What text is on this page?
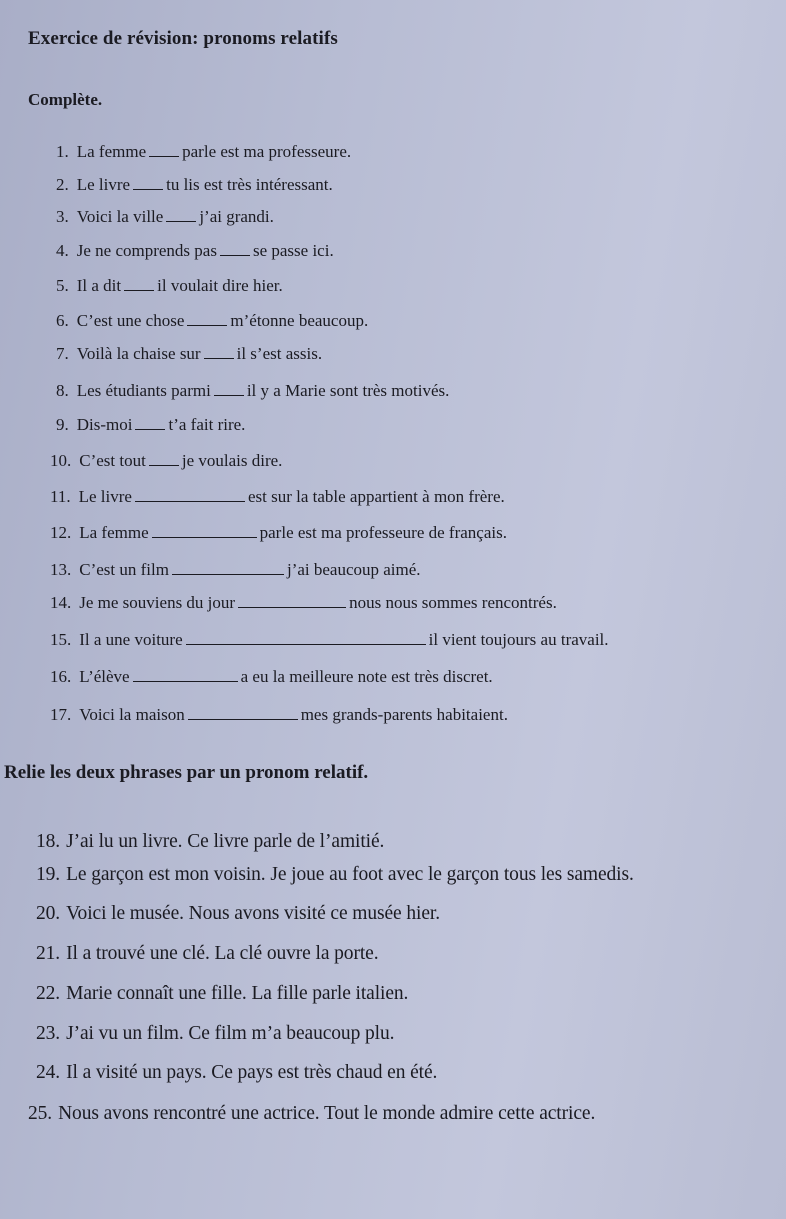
Exercice de révision: pronoms relatifs
Complète.
1. La femme parle est ma professeure.
2. Le livre tu lis est très intéressant.
3. Voici la ville j’ai grandi.
4. Je ne comprends pas se passe ici.
5. Il a dit il voulait dire hier.
6. C’est une chose	m’étonne beaucoup.
7. Voilà la chaise sur il s’est assis.
8. Les étudiants parmi il y a Marie sont très motivés.
9. Dis-moi t’a fait rire.
10. C’est tout je voulais dire.
11. Le livre	est sur la table appartient à mon frère.
12. La femme	parle est ma professeure de français.
13. C’est un film	j’ai beaucoup aimé.
14. Je me souviens du jour	nous nous sommes rencontrés.
15. Il a une voiture	il vient toujours au travail.
16. L’élève	a eu la meilleure note est très discret.
17. Voici la maison	mes grands-parents habitaient.
Relie les deux phrases par un pronom relatif.
18. J’ai lu un livre. Ce livre parle de l’amitié.
19. Le garçon est mon voisin. Je joue au foot avec le garçon tous les samedis.
20. Voici le musée. Nous avons visité ce musée hier.
21. Il a trouvé une clé. La clé ouvre la porte.
22. Marie connaît une fille. La fille parle italien.
23. J’ai vu un film. Ce film m’a beaucoup plu.
24. Il a visité un pays. Ce pays est très chaud en été.
25. Nous avons rencontré une actrice. Tout le monde admire cette actrice.
